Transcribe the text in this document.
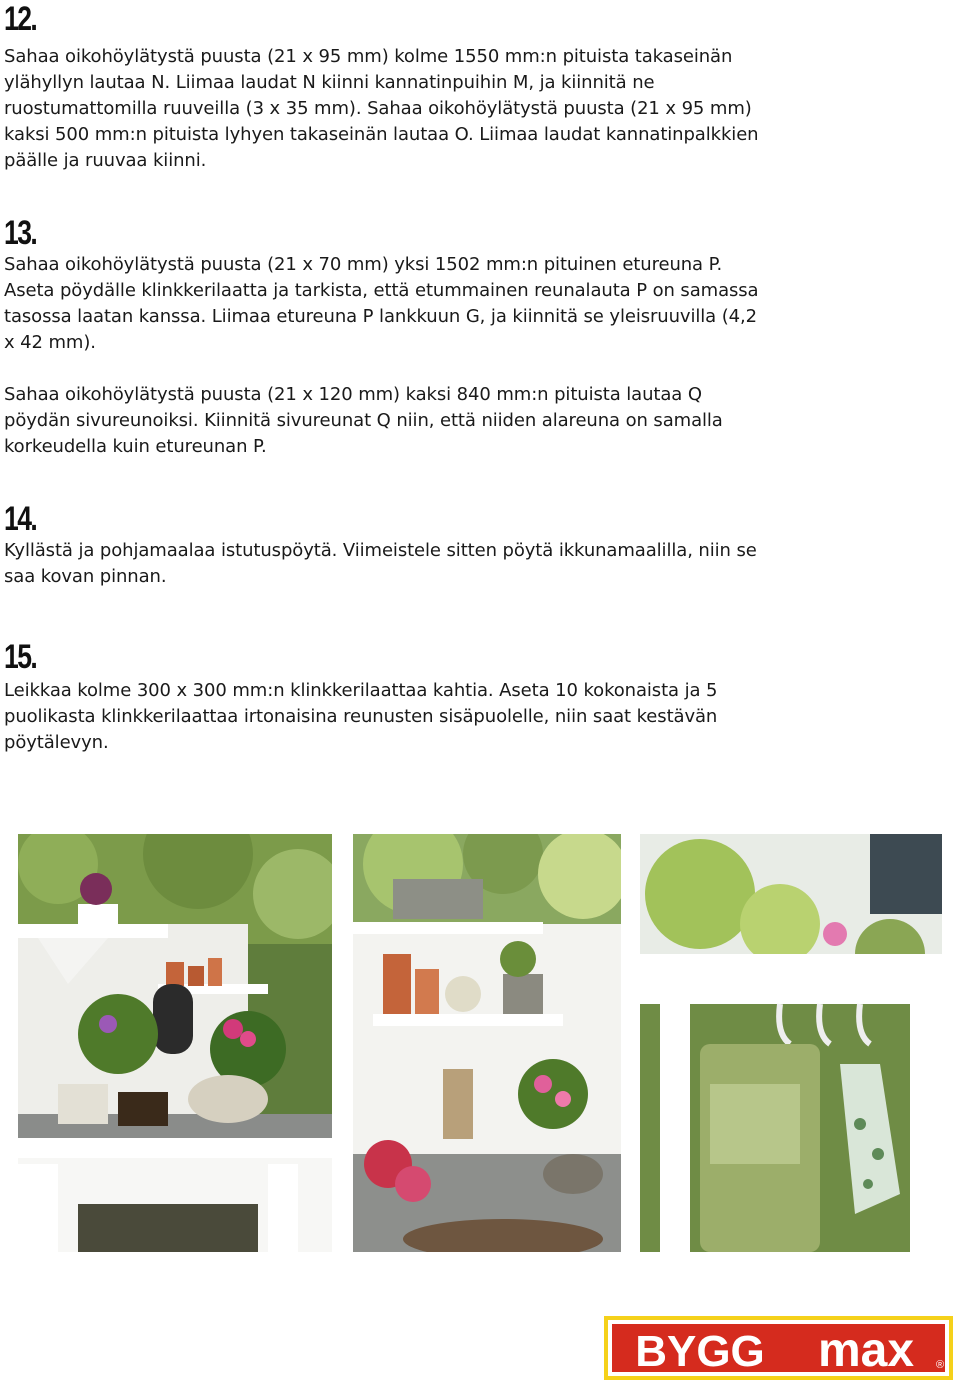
12.

Sahaa oikohöylätystä puusta (21 x 95 mm) kolme 1550 mm:n pituista takaseinän ylähyllyn lautaa N. Liimaa laudat N kiinni kannatinpuihin M, ja kiinnitä ne ruostumattomilla ruuveilla (3 x 35 mm). Sahaa oikohöylätystä puusta (21 x 95 mm) kaksi 500 mm:n pituista lyhyen takaseinän lautaa O. Liimaa laudat kannatinpalkkien päälle ja ruuvaa kiinni.

13.

Sahaa oikohöylätystä puusta (21 x 70 mm) yksi 1502 mm:n pituinen etureuna P. Aseta pöydälle klinkkerilaatta ja tarkista, että etummainen reunalauta P on samassa tasossa laatan kanssa. Liimaa etureuna P lankkuun G, ja kiinnitä se yleisruuvilla (4,2 x 42 mm).

Sahaa oikohöylätystä puusta (21 x 120 mm) kaksi 840 mm:n pituista lautaa Q pöydän sivureunoiksi. Kiinnitä sivureunat Q niin, että niiden alareuna on samalla korkeudella kuin etureunan P.

14.

Kyllästä ja pohjamaalaa istutuspöytä. Viimeistele sitten pöytä ikkunamaalilla, niin se saa kovan pinnan.

15.

Leikkaa kolme 300 x 300 mm:n klinkkerilaattaa kahtia. Aseta 10 kokonaista ja 5 puolikasta klinkkerilaattaa irtonaisina reunusten sisäpuolelle, niin saat kestävän pöytälevyn.

BYGG max ®
